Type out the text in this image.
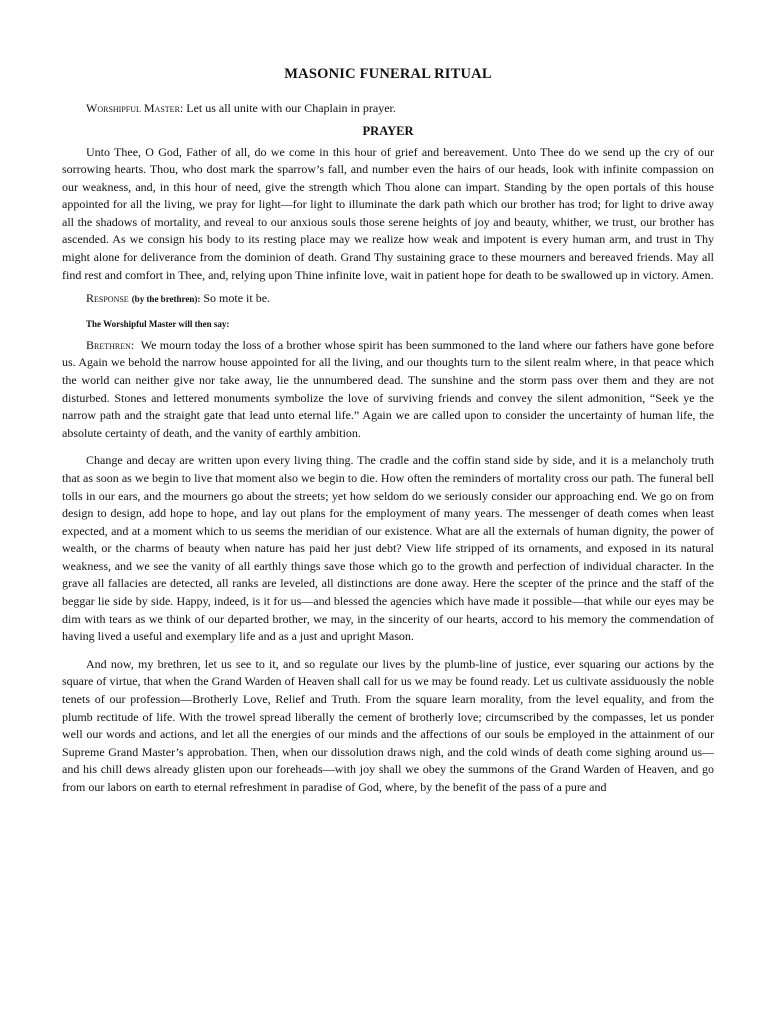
MASONIC FUNERAL RITUAL

Worshipful Master: Let us all unite with our Chaplain in prayer.

PRAYER

Unto Thee, O God, Father of all, do we come in this hour of grief and bereavement. Unto Thee do we send up the cry of our sorrowing hearts. Thou, who dost mark the sparrow’s fall, and number even the hairs of our heads, look with infinite compassion on our weakness, and, in this hour of need, give the strength which Thou alone can impart. Standing by the open portals of this house appointed for all the living, we pray for light—for light to illuminate the dark path which our brother has trod; for light to drive away all the shadows of mortality, and reveal to our anxious souls those serene heights of joy and beauty, whither, we trust, our brother has ascended. As we consign his body to its resting place may we realize how weak and impotent is every human arm, and trust in Thy might alone for deliverance from the dominion of death. Grand Thy sustaining grace to these mourners and bereaved friends. May all find rest and comfort in Thee, and, relying upon Thine infinite love, wait in patient hope for death to be swallowed up in victory. Amen.

Response (by the brethren): So mote it be.

The Worshipful Master will then say:

Brethren: We mourn today the loss of a brother whose spirit has been summoned to the land where our fathers have gone before us. Again we behold the narrow house appointed for all the living, and our thoughts turn to the silent realm where, in that peace which the world can neither give nor take away, lie the unnumbered dead. The sunshine and the storm pass over them and they are not disturbed. Stones and lettered monuments symbolize the love of surviving friends and convey the silent admonition, “Seek ye the narrow path and the straight gate that lead unto eternal life.” Again we are called upon to consider the uncertainty of human life, the absolute certainty of death, and the vanity of earthly ambition.

Change and decay are written upon every living thing. The cradle and the coffin stand side by side, and it is a melancholy truth that as soon as we begin to live that moment also we begin to die. How often the reminders of mortality cross our path. The funeral bell tolls in our ears, and the mourners go about the streets; yet how seldom do we seriously consider our approaching end. We go on from design to design, add hope to hope, and lay out plans for the employment of many years. The messenger of death comes when least expected, and at a moment which to us seems the meridian of our existence. What are all the externals of human dignity, the power of wealth, or the charms of beauty when nature has paid her just debt? View life stripped of its ornaments, and exposed in its natural weakness, and we see the vanity of all earthly things save those which go to the growth and perfection of individual character. In the grave all fallacies are detected, all ranks are leveled, all distinctions are done away. Here the scepter of the prince and the staff of the beggar lie side by side. Happy, indeed, is it for us—and blessed the agencies which have made it possible—that while our eyes may be dim with tears as we think of our departed brother, we may, in the sincerity of our hearts, accord to his memory the commendation of having lived a useful and exemplary life and as a just and upright Mason.

And now, my brethren, let us see to it, and so regulate our lives by the plumb-line of justice, ever squaring our actions by the square of virtue, that when the Grand Warden of Heaven shall call for us we may be found ready. Let us cultivate assiduously the noble tenets of our profession—Brotherly Love, Relief and Truth. From the square learn morality, from the level equality, and from the plumb rectitude of life. With the trowel spread liberally the cement of brotherly love; circumscribed by the compasses, let us ponder well our words and actions, and let all the energies of our minds and the affections of our souls be employed in the attainment of our Supreme Grand Master’s approbation. Then, when our dissolution draws nigh, and the cold winds of death come sighing around us—and his chill dews already glisten upon our foreheads—with joy shall we obey the summons of the Grand Warden of Heaven, and go from our labors on earth to eternal refreshment in paradise of God, where, by the benefit of the pass of a pure and
